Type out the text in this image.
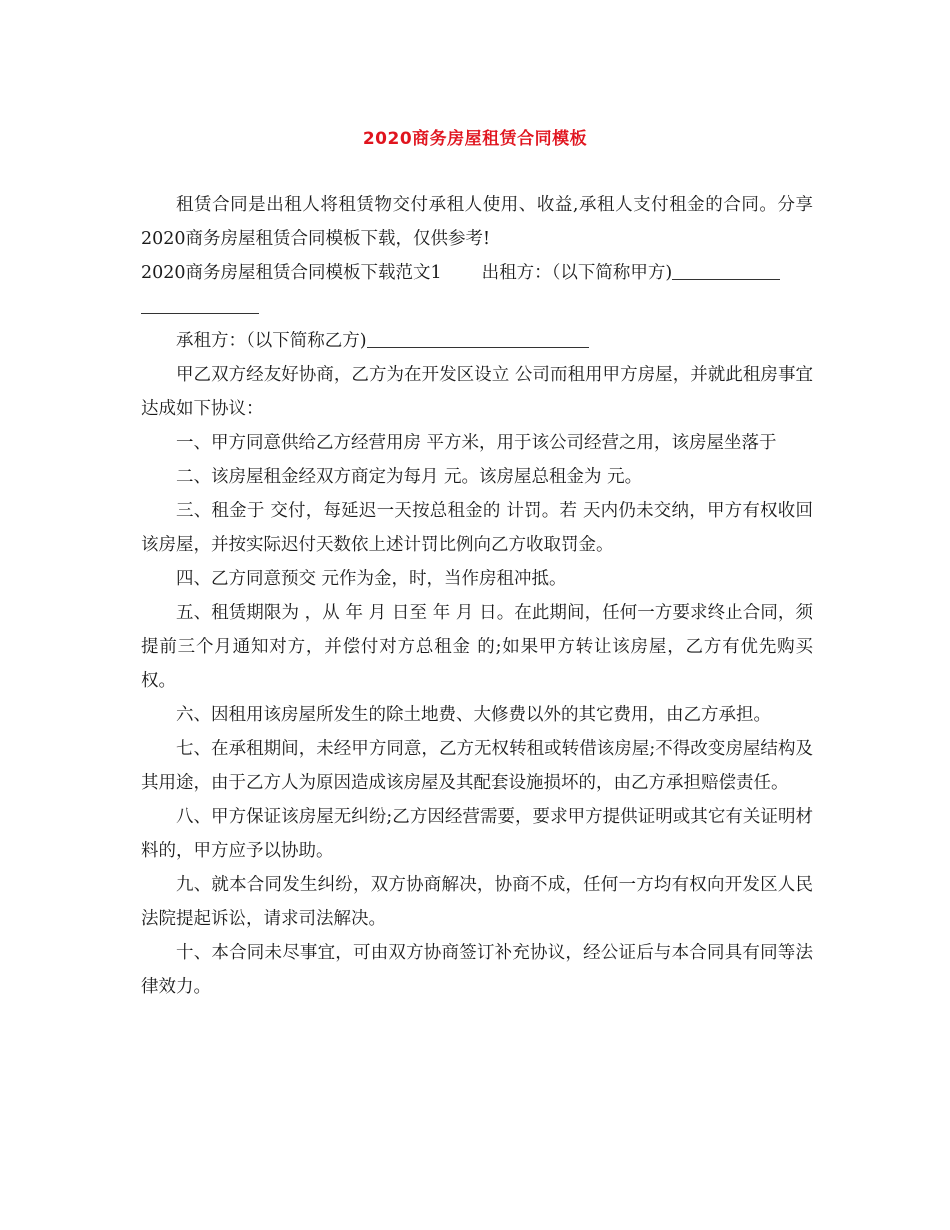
2020商务房屋租赁合同模板

租赁合同是出租人将租赁物交付承租人使用、收益,承租人支付租金的合同。分享2020商务房屋租赁合同模板下载，仅供参考!

2020商务房屋租赁合同模板下载范文1 出租方：（以下简称甲方)

承租方：（以下简称乙方)

甲乙双方经友好协商，乙方为在开发区设立 公司而租用甲方房屋，并就此租房事宜达成如下协议：

一、甲方同意供给乙方经营用房 平方米，用于该公司经营之用，该房屋坐落于

二、该房屋租金经双方商定为每月 元。该房屋总租金为 元。

三、租金于 交付，每延迟一天按总租金的 计罚。若 天内仍未交纳，甲方有权收回该房屋，并按实际迟付天数依上述计罚比例向乙方收取罚金。

四、乙方同意预交 元作为金，时，当作房租冲抵。

五、租赁期限为 ，从 年 月 日至 年 月 日。在此期间，任何一方要求终止合同，须提前三个月通知对方，并偿付对方总租金 的;如果甲方转让该房屋，乙方有优先购买权。

六、因租用该房屋所发生的除土地费、大修费以外的其它费用，由乙方承担。

七、在承租期间，未经甲方同意，乙方无权转租或转借该房屋;不得改变房屋结构及其用途，由于乙方人为原因造成该房屋及其配套设施损坏的，由乙方承担赔偿责任。

八、甲方保证该房屋无纠纷;乙方因经营需要，要求甲方提供证明或其它有关证明材料的，甲方应予以协助。

九、就本合同发生纠纷，双方协商解决，协商不成，任何一方均有权向开发区人民法院提起诉讼，请求司法解决。

十、本合同未尽事宜，可由双方协商签订补充协议，经公证后与本合同具有同等法律效力。
